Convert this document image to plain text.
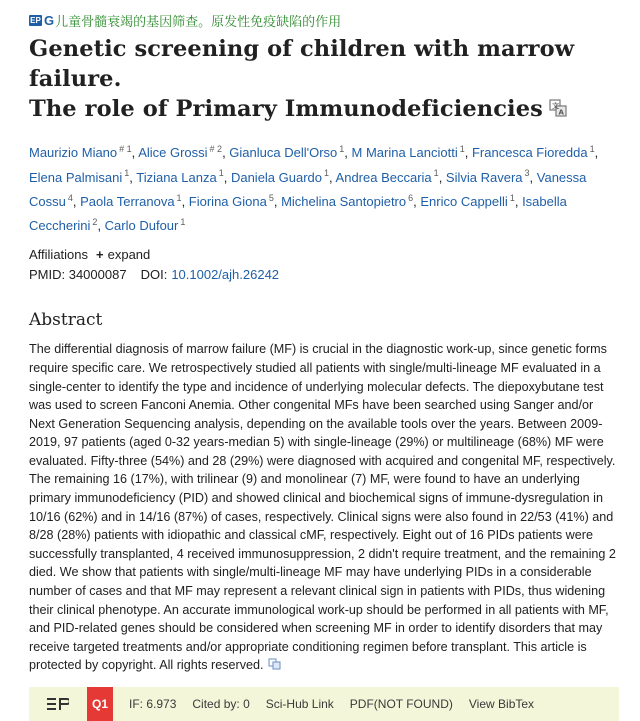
EP G 儿童骨髓衰竭的基因筛查。原发性免疫缺陷的作用
Genetic screening of children with marrow failure.
The role of Primary Immunodeficiencies 文
A
Maurizio Miano $^{\# 1}$, Alice Grossi $^{\# 2}$, Gianluca Dell'Orso $^1$, M Marina Lanciotti $^1$, Francesca Fioredda $^1$, Elena Palmisani $^1$, Tiziana Lanza $^1$, Daniela Guardo $^1$, Andrea Beccaria $^1$, Silvia Ravera $^3$, Vanessa Cossu $^4$, Paola Terranova $^1$, Fiorina Giona $^5$, Michelina Santopietro $^6$, Enrico Cappelli $^1$, Isabella Ceccherini $^2$, Carlo Dufour $^1$
Affiliations + expand
PMID: 34000087 DOI: 10.1002/ajh.26242
Abstract

The differential diagnosis of marrow failure (MF) is crucial in the diagnostic work-up, since genetic forms require specific care. We retrospectively studied all patients with single/multi-lineage MF evaluated in a single-center to identify the type and incidence of underlying molecular defects. The diepoxybutane test was used to screen Fanconi Anemia. Other congenital MFs have been searched using Sanger and/or Next Generation Sequencing analysis, depending on the available tools over the years. Between 2009-2019, 97 patients (aged 0-32 years-median 5) with single-lineage (29%) or multilineage (68%) MF were evaluated. Fifty-three (54%) and 28 (29%) were diagnosed with acquired and congenital MF, respectively. The remaining 16 (17%), with trilinear (9) and monolinear (7) MF, were found to have an underlying primary immunodeficiency (PID) and showed clinical and biochemical signs of immune-dysregulation in 10/16 (62%) and in 14/16 (87%) of cases, respectively. Clinical signs were also found in 22/53 (41%) and 8/28 (28%) patients with idiopathic and classical cMF, respectively. Eight out of 16 PIDs patients were successfully transplanted, 4 received immunosuppression, 2 didn't require treatment, and the remaining 2 died. We show that patients with single/multi-lineage MF may have underlying PIDs in a considerable number of cases and that MF may represent a relevant clinical sign in patients with PIDs, thus widening their clinical phenotype. An accurate immunological work-up should be performed in all patients with MF, and PID-related genes should be considered when screening MF in order to identify disorders that may receive targeted treatments and/or appropriate conditioning regimen before transplant. This article is protected by copyright. All rights reserved.

Q1	IF: 6.973 Cited by: 0 Sci-Hub Link PDF(NOT FOUND) View BibTex
